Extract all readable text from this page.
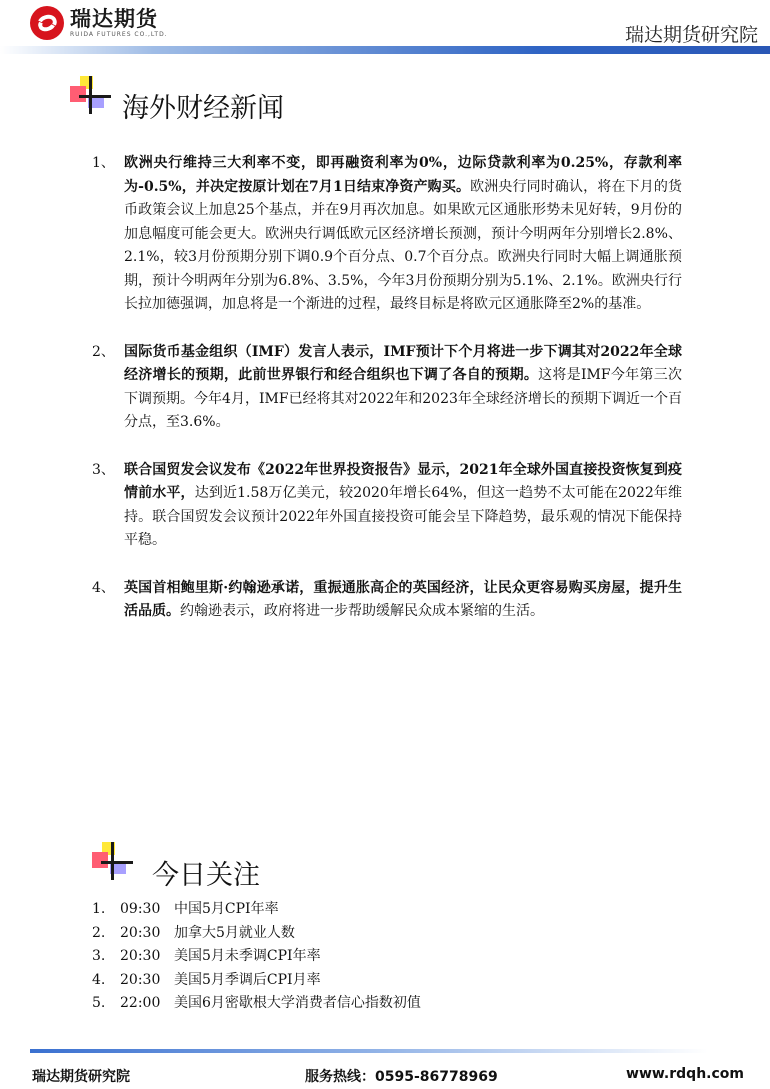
瑞达期货
RUIDA FUTURES CO.,LTD.	瑞达期货研究院
海外财经新闻
1、 欧洲央行维持三大利率不变，即再融资利率为0%，边际贷款利率为0.25%，存款利率为-0.5%，并决定按原计划在7月1日结束净资产购买。欧洲央行同时确认，将在下月的货币政策会议上加息25个基点，并在9月再次加息。如果欧元区通胀形势未见好转，9月份的加息幅度可能会更大。欧洲央行调低欧元区经济增长预测，预计今明两年分别增长2.8%、2.1%，较3月份预期分别下调0.9个百分点、0.7个百分点。欧洲央行同时大幅上调通胀预期，预计今明两年分别为6.8%、3.5%，今年3月份预期分别为5.1%、2.1%。欧洲央行行长拉加德强调，加息将是一个渐进的过程，最终目标是将欧元区通胀降至2%的基准。
2、 国际货币基金组织（IMF）发言人表示，IMF预计下个月将进一步下调其对2022年全球经济增长的预期，此前世界银行和经合组织也下调了各自的预期。这将是IMF今年第三次下调预期。今年4月，IMF已经将其对2022年和2023年全球经济增长的预期下调近一个百分点，至3.6%。
3、 联合国贸发会议发布《2022年世界投资报告》显示，2021年全球外国直接投资恢复到疫情前水平，达到近1.58万亿美元，较2020年增长64%，但这一趋势不太可能在2022年维持。联合国贸发会议预计2022年外国直接投资可能会呈下降趋势，最乐观的情况下能保持平稳。
4、 英国首相鲍里斯·约翰逊承诺，重振通胀高企的英国经济，让民众更容易购买房屋，提升生活品质。约翰逊表示，政府将进一步帮助缓解民众成本紧缩的生活。
今日关注
1.	09:30 中国5月CPI年率
2.	20:30 加拿大5月就业人数
3.	20:30 美国5月未季调CPI年率
4.	20:30 美国5月季调后CPI月率
5.	22:00 美国6月密歇根大学消费者信心指数初值
瑞达期货研究院	服务热线：0595-86778969	www.rdqh.com
